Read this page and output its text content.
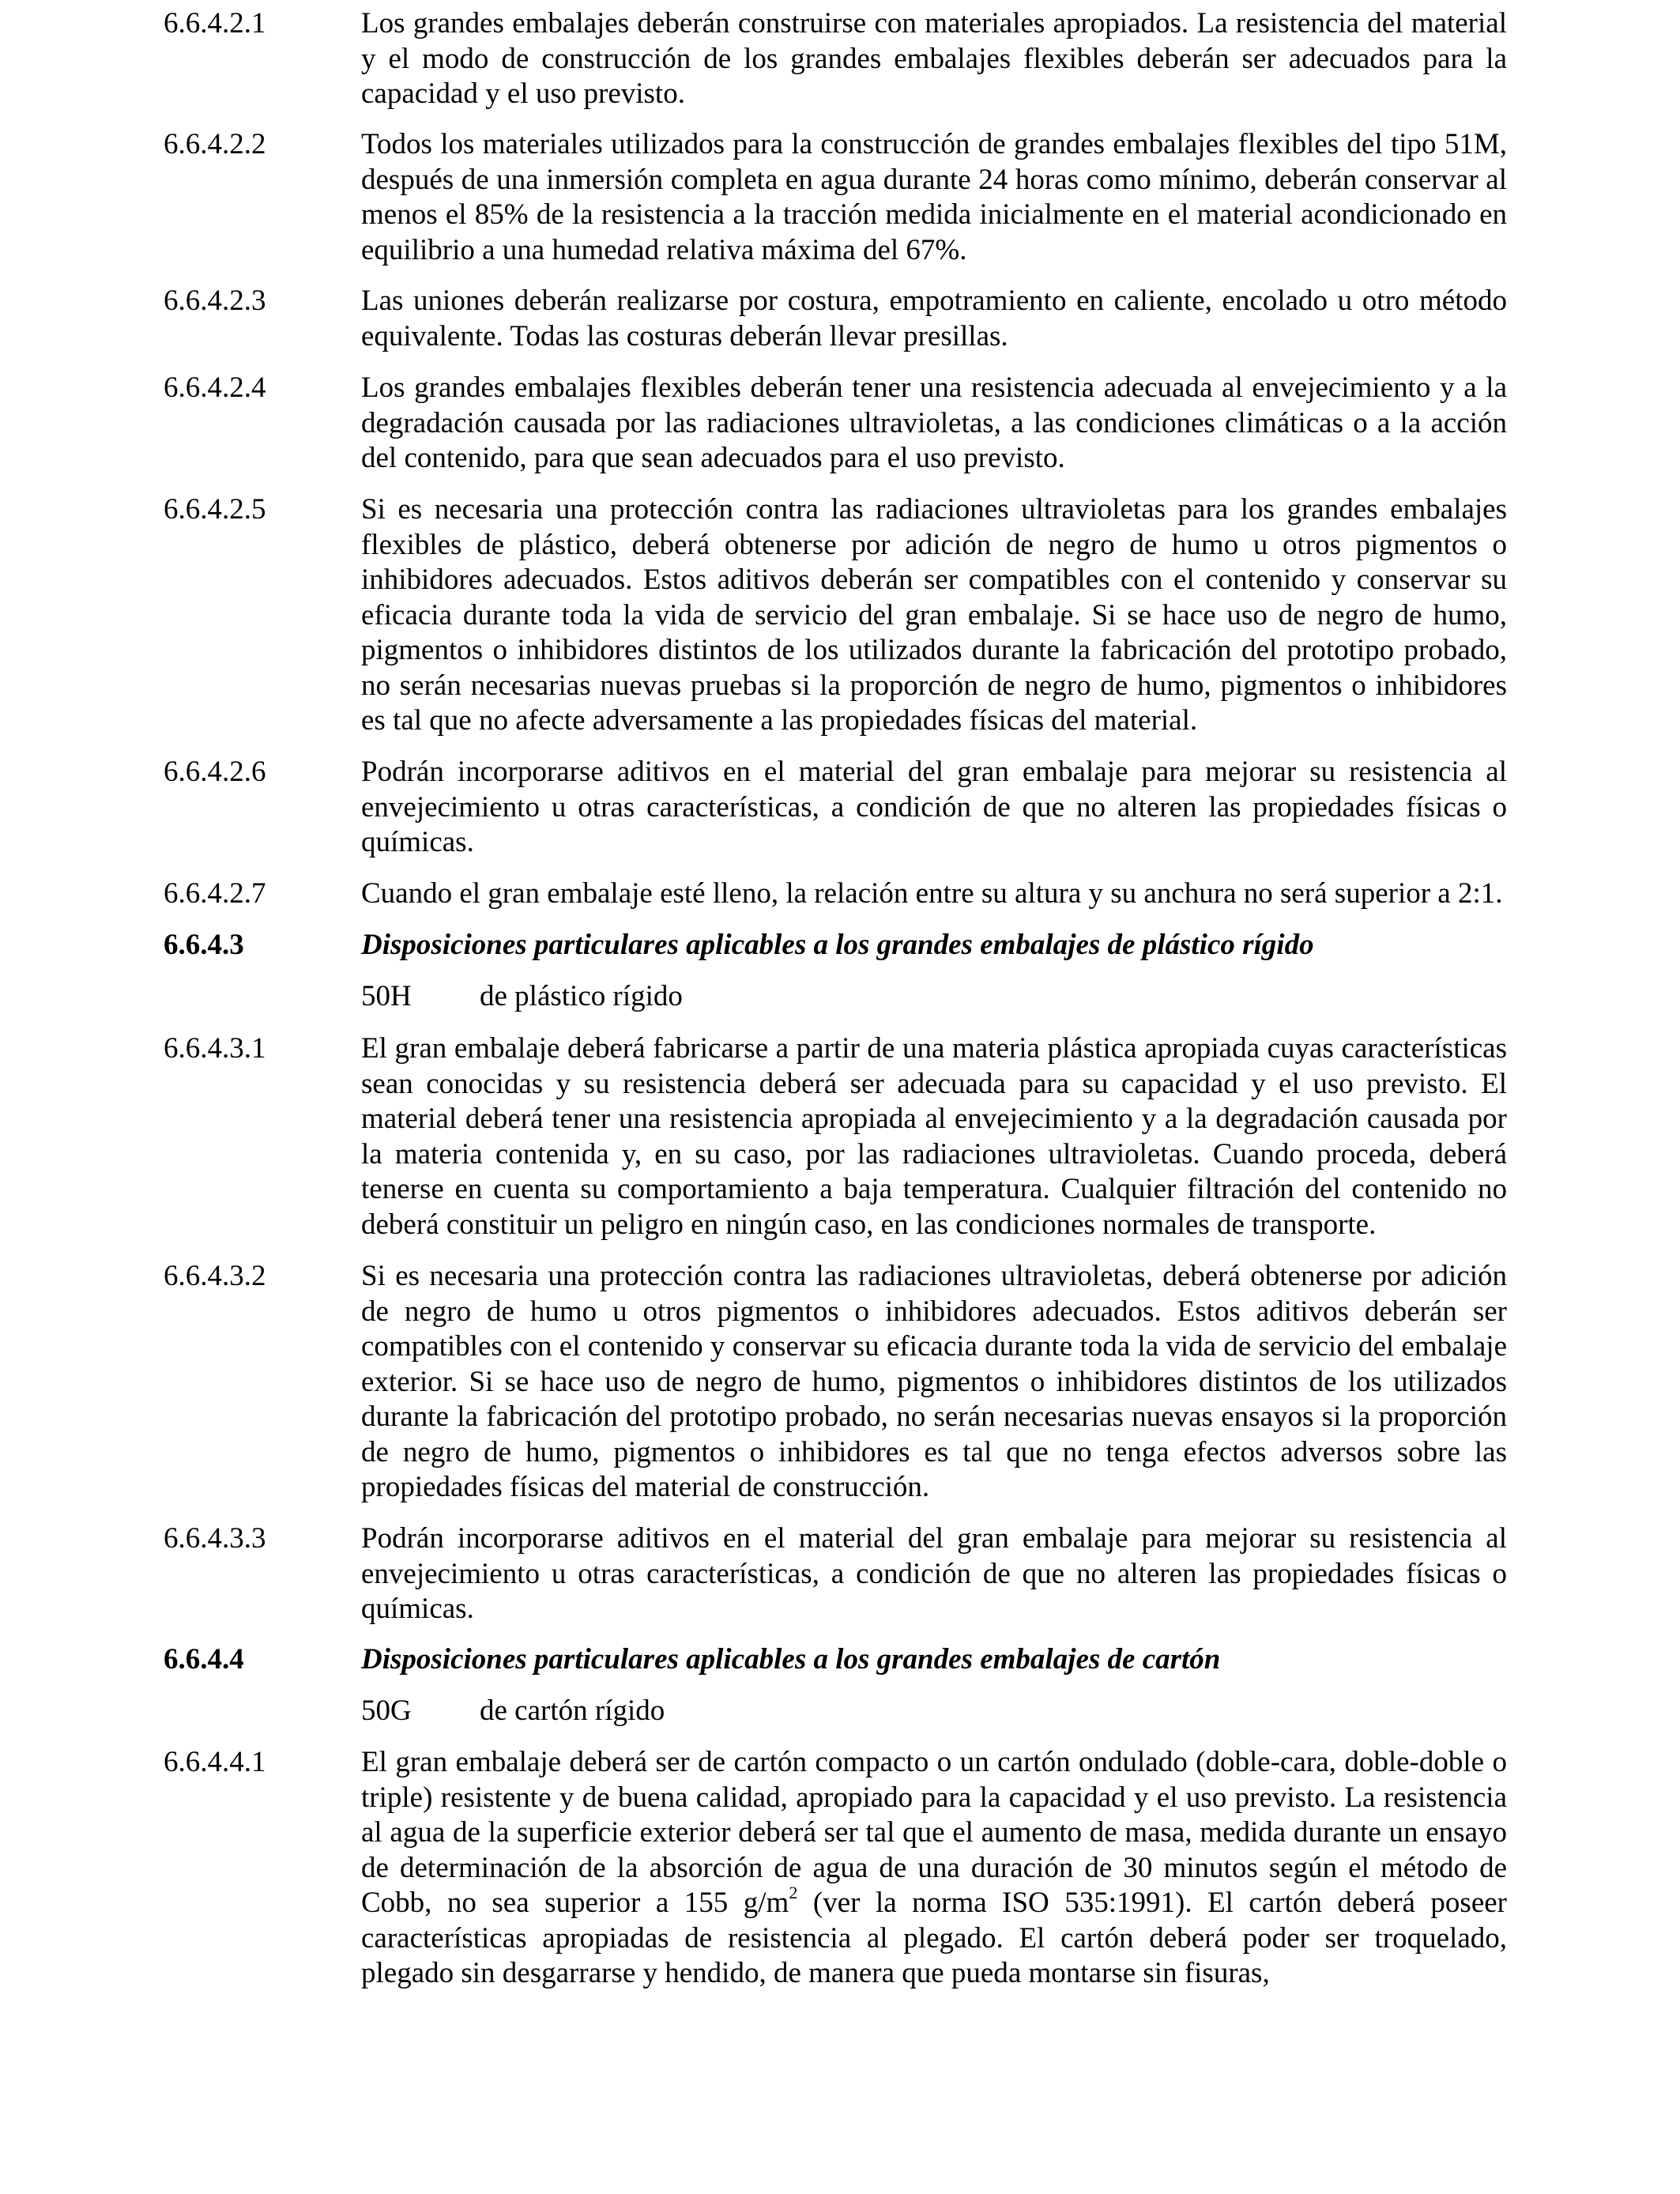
6.6.4.2.1	Los grandes embalajes deberán construirse con materiales apropiados. La resistencia del material y el modo de construcción de los grandes embalajes flexibles deberán ser adecuados para la capacidad y el uso previsto.
6.6.4.2.2	Todos los materiales utilizados para la construcción de grandes embalajes flexibles del tipo 51M, después de una inmersión completa en agua durante 24 horas como mínimo, deberán conservar al menos el 85% de la resistencia a la tracción medida inicialmente en el material acondicionado en equilibrio a una humedad relativa máxima del 67%.
6.6.4.2.3	Las uniones deberán realizarse por costura, empotramiento en caliente, encolado u otro método equivalente. Todas las costuras deberán llevar presillas.
6.6.4.2.4	Los grandes embalajes flexibles deberán tener una resistencia adecuada al envejecimiento y a la degradación causada por las radiaciones ultravioletas, a las condiciones climáticas o a la acción del contenido, para que sean adecuados para el uso previsto.
6.6.4.2.5	Si es necesaria una protección contra las radiaciones ultravioletas para los grandes embalajes flexibles de plástico, deberá obtenerse por adición de negro de humo u otros pigmentos o inhibidores adecuados. Estos aditivos deberán ser compatibles con el contenido y conservar su eficacia durante toda la vida de servicio del gran embalaje. Si se hace uso de negro de humo, pigmentos o inhibidores distintos de los utilizados durante la fabricación del prototipo probado, no serán necesarias nuevas pruebas si la proporción de negro de humo, pigmentos o inhibidores es tal que no afecte adversamente a las propiedades físicas del material.
6.6.4.2.6	Podrán incorporarse aditivos en el material del gran embalaje para mejorar su resistencia al envejecimiento u otras características, a condición de que no alteren las propiedades físicas o químicas.
6.6.4.2.7	Cuando el gran embalaje esté lleno, la relación entre su altura y su anchura no será superior a 2:1.
6.6.4.3	Disposiciones particulares aplicables a los grandes embalajes de plástico rígido
50H de plástico rígido
6.6.4.3.1	El gran embalaje deberá fabricarse a partir de una materia plástica apropiada cuyas características sean conocidas y su resistencia deberá ser adecuada para su capacidad y el uso previsto. El material deberá tener una resistencia apropiada al envejecimiento y a la degradación causada por la materia contenida y, en su caso, por las radiaciones ultravioletas. Cuando proceda, deberá tenerse en cuenta su comportamiento a baja temperatura. Cualquier filtración del contenido no deberá constituir un peligro en ningún caso, en las condiciones normales de transporte.
6.6.4.3.2	Si es necesaria una protección contra las radiaciones ultravioletas, deberá obtenerse por adición de negro de humo u otros pigmentos o inhibidores adecuados. Estos aditivos deberán ser compatibles con el contenido y conservar su eficacia durante toda la vida de servicio del embalaje exterior. Si se hace uso de negro de humo, pigmentos o inhibidores distintos de los utilizados durante la fabricación del prototipo probado, no serán necesarias nuevas ensayos si la proporción de negro de humo, pigmentos o inhibidores es tal que no tenga efectos adversos sobre las propiedades físicas del material de construcción.
6.6.4.3.3	Podrán incorporarse aditivos en el material del gran embalaje para mejorar su resistencia al envejecimiento u otras características, a condición de que no alteren las propiedades físicas o químicas.
6.6.4.4	Disposiciones particulares aplicables a los grandes embalajes de cartón
50G de cartón rígido
6.6.4.4.1	El gran embalaje deberá ser de cartón compacto o un cartón ondulado (doble-cara, doble-doble o triple) resistente y de buena calidad, apropiado para la capacidad y el uso previsto. La resistencia al agua de la superficie exterior deberá ser tal que el aumento de masa, medida durante un ensayo de determinación de la absorción de agua de una duración de 30 minutos según el método de Cobb, no sea superior a 155 $g/m^2$ (ver la norma ISO 535:1991). El cartón deberá poseer características apropiadas de resistencia al plegado. El cartón deberá poder ser troquelado, plegado sin desgarrarse y hendido, de manera que pueda montarse sin fisuras,
